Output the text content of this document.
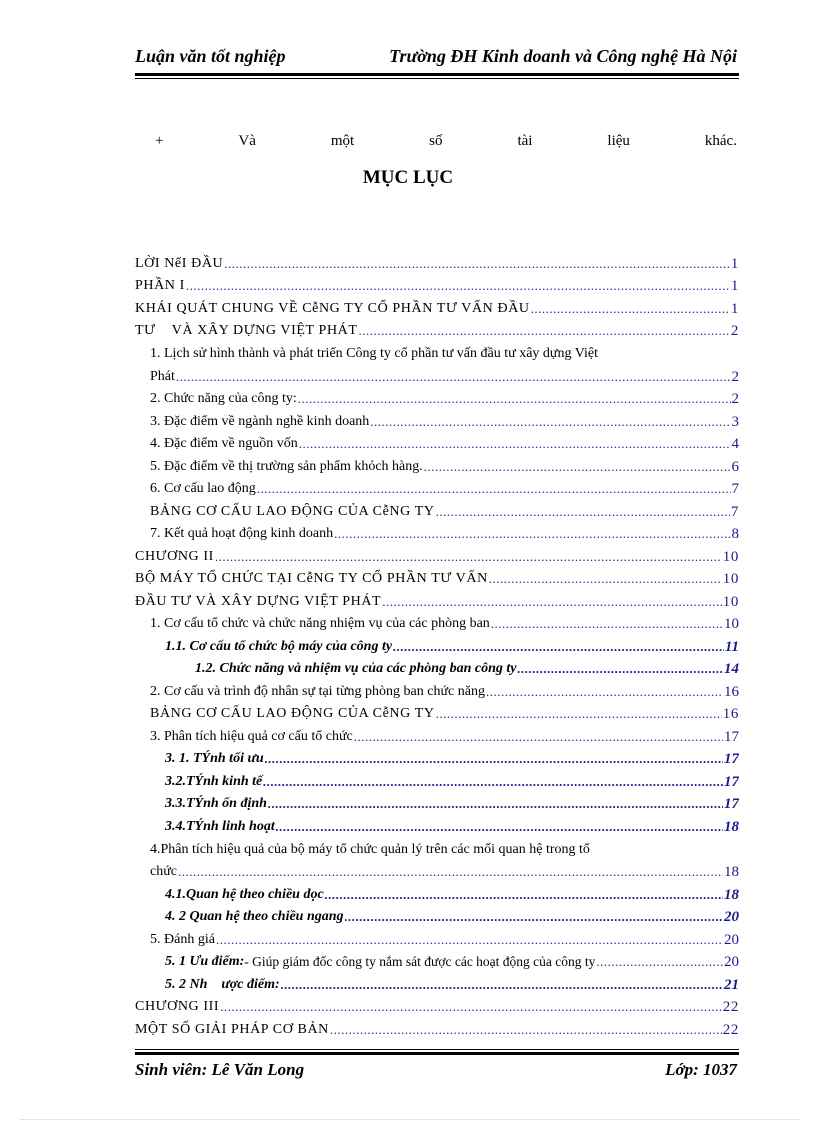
Luận văn tốt nghiệp	Trường ĐH Kinh doanh và Công nghệ Hà Nội
+	Và	một	số	tài	liệu	khác.
MỤC LỤC
LỜI NểI ĐẦU .....	1
PHẦN I .....	1
KHÁI QUÁT CHUNG VỀ CễNG TY CỔ PHẦN TƯ VẤN ĐẦU .....	1
TƯ    VÀ XÂY DỰNG VIỆT PHÁT .....	2
1. Lịch sử hình thành và phát triển Công ty cổ phần tư vấn đầu tư xây dựng Việt
Phát .....	2
2. Chức năng của công ty: .....	2
3. Đặc điểm về ngành nghề kinh doanh .....	3
4. Đặc điểm về nguồn vốn .....	4
5. Đặc điểm về thị trường sản phẩm khỏch hàng. .....	6
6. Cơ cấu lao động .....	7
BẢNG CƠ CẤU LAO ĐỘNG CỦA CễNG TY .....	7
7. Kết quả hoạt động kinh doanh .....	8
CHƯƠNG II .....	10
BỘ MÁY TỔ CHỨC TẠI CễNG TY CỔ PHẦN TƯ VẤN .....	10
ĐẦU TƯ VÀ XÂY DỰNG VIỆT PHÁT .....	10
1. Cơ cấu tổ chức và chức năng nhiệm vụ của các phòng ban .....	10
1.1. Cơ cấu tổ chức bộ máy của công ty .....	11
1.2. Chức năng và nhiệm vụ của các phòng ban công ty .....	14
2. Cơ cấu và trình độ nhân sự tại từng phòng ban chức năng .....	16
BẢNG CƠ CẤU LAO ĐỘNG CỦA CễNG TY .....	16
3. Phân tích hiệu quả cơ cấu tổ chức .....	17
3. 1. TÝnh tối ưu .....	17
3.2.TÝnh kinh tế .....	17
3.3.TÝnh ổn định .....	17
3.4.TÝnh linh hoạt .....	18
4.Phân tích hiệu quả của bộ máy tổ chức quản lý trên các mối quan hệ trong tổ
chức .....	18
4.1.Quan hệ theo chiều dọc .....	18
4. 2 Quan hệ theo chiều ngang .....	20
5. Đánh giá .....	20
5. 1 Ưu điểm: - Giúp giám đốc công ty nắm sát được các hoạt động của công ty .....	20
5. 2 Nh    ược điểm: .....	21
CHƯƠNG III .....	22
MỘT SỐ GIẢI PHÁP CƠ BẢN .....	22
Sinh viên: Lê Văn Long	Lớp: 1037
